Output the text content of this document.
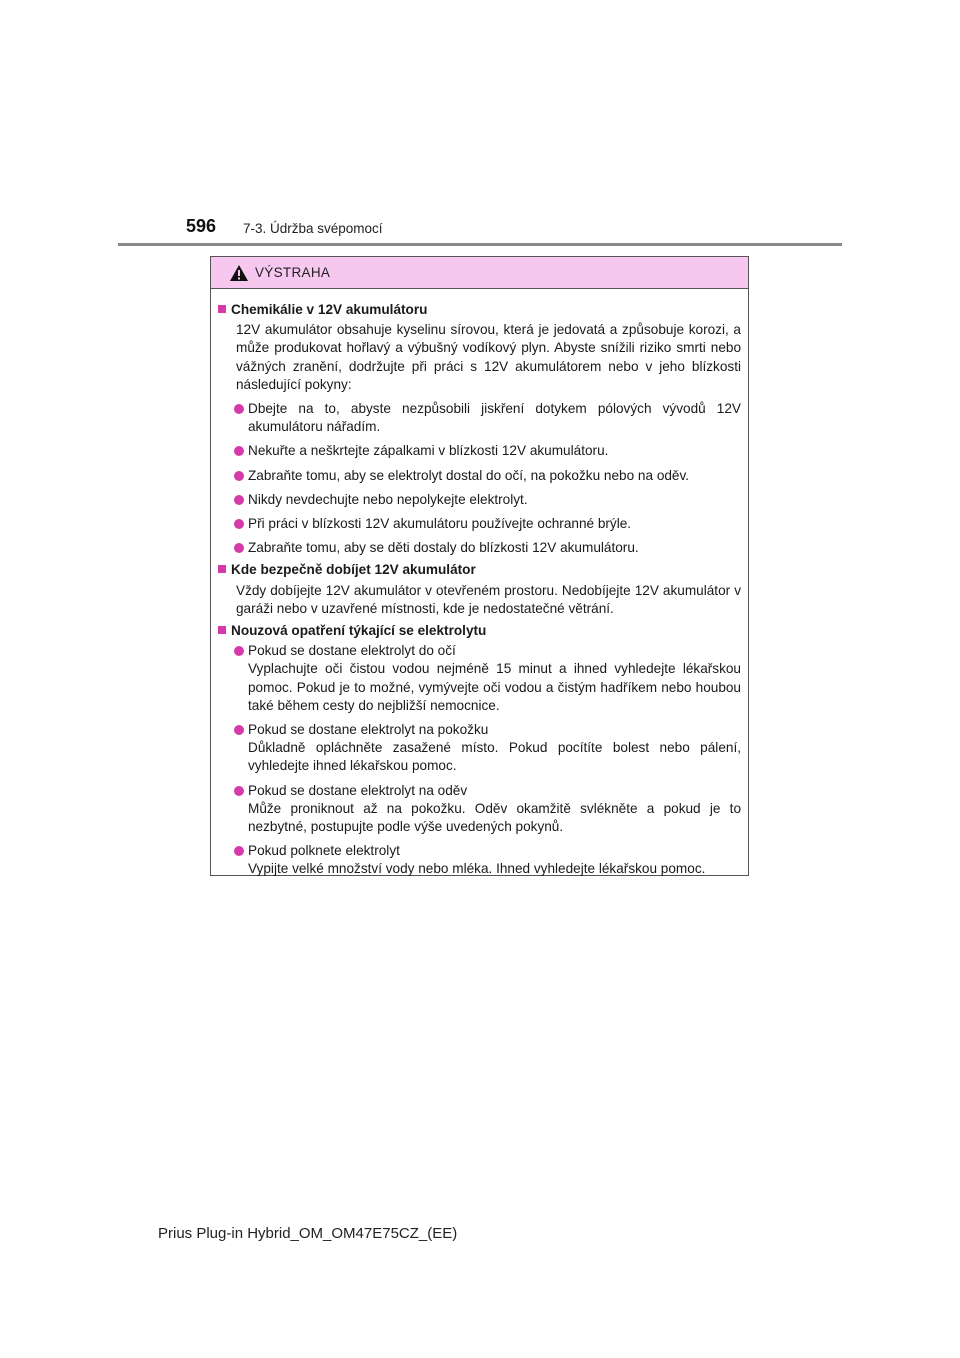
596 7-3. Údržba svépomocí
VÝSTRAHA
Chemikálie v 12V akumulátoru
12V akumulátor obsahuje kyselinu sírovou, která je jedovatá a způsobuje korozi, a může produkovat hořlavý a výbušný vodíkový plyn. Abyste snížili riziko smrti nebo vážných zranění, dodržujte při práci s 12V akumulátorem nebo v jeho blízkosti následující pokyny:
Dbejte na to, abyste nezpůsobili jiskření dotykem pólových vývodů 12V akumulátoru nářadím.
Nekuřte a neškrtejte zápalkami v blízkosti 12V akumulátoru.
Zabraňte tomu, aby se elektrolyt dostal do očí, na pokožku nebo na oděv.
Nikdy nevdechujte nebo nepolykejte elektrolyt.
Při práci v blízkosti 12V akumulátoru používejte ochranné brýle.
Zabraňte tomu, aby se děti dostaly do blízkosti 12V akumulátoru.
Kde bezpečně dobíjet 12V akumulátor
Vždy dobíjejte 12V akumulátor v otevřeném prostoru. Nedobíjejte 12V akumulátor v garáži nebo v uzavřené místnosti, kde je nedostatečné větrání.
Nouzová opatření týkající se elektrolytu
Pokud se dostane elektrolyt do očí
Vyplachujte oči čistou vodou nejméně 15 minut a ihned vyhledejte lékařskou pomoc. Pokud je to možné, vymývejte oči vodou a čistým hadříkem nebo houbou také během cesty do nejbližší nemocnice.
Pokud se dostane elektrolyt na pokožku
Důkladně opláchněte zasažené místo. Pokud pocítíte bolest nebo pálení, vyhledejte ihned lékařskou pomoc.
Pokud se dostane elektrolyt na oděv
Může proniknout až na pokožku. Oděv okamžitě svlékněte a pokud je to nezbytné, postupujte podle výše uvedených pokynů.
Pokud polknete elektrolyt
Vypijte velké množství vody nebo mléka. Ihned vyhledejte lékařskou pomoc.
Prius Plug-in Hybrid_OM_OM47E75CZ_(EE)
